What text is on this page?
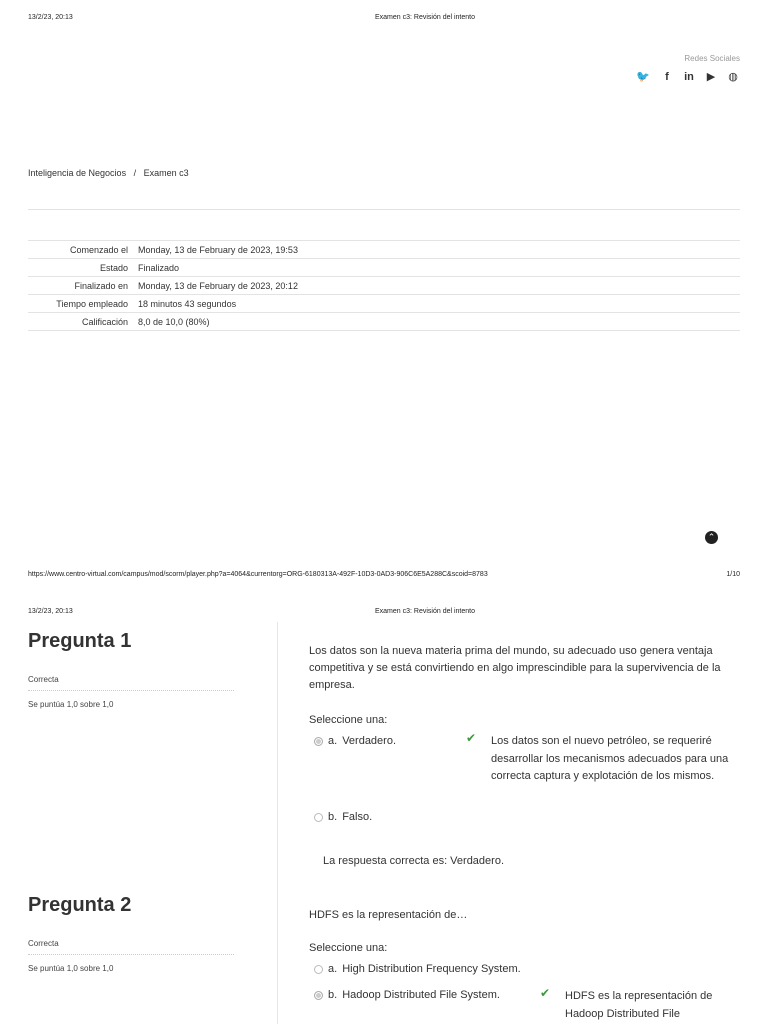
13/2/23, 20:13	Examen c3: Revisión del intento
Redes Sociales
🐦 f in ▶ ◍
Inteligencia de Negocios / Examen c3
Comenzado el	Monday, 13 de February de 2023, 19:53
Estado	Finalizado
Finalizado en	Monday, 13 de February de 2023, 20:12
Tiempo empleado	18 minutos 43 segundos
Calificación	8,0 de 10,0 (80%)
⌃
https://www.centro-virtual.com/campus/mod/scorm/player.php?a=4064&currentorg=ORG-6180313A-492F-10D3-0AD3-906C6E5A288C&scoid=8783	1/10
13/2/23, 20:13	Examen c3: Revisión del intento
Pregunta 1
Correcta
Se puntúa 1,0 sobre 1,0
Los datos son la nueva materia prima del mundo, su adecuado uso genera ventaja competitiva y se está convirtiendo en algo imprescindible para la supervivencia de la empresa.
Seleccione una:
a. Verdadero.	✔ Los datos son el nuevo petróleo, se requeriré desarrollar los mecanismos adecuados para una correcta captura y explotación de los mismos.
b. Falso.
La respuesta correcta es: Verdadero.
Pregunta 2
Correcta
Se puntúa 1,0 sobre 1,0
HDFS es la representación de…
Seleccione una:
a. High Distribution Frequency System.
b. Hadoop Distributed File System.	✔ HDFS es la representación de Hadoop Distributed File
